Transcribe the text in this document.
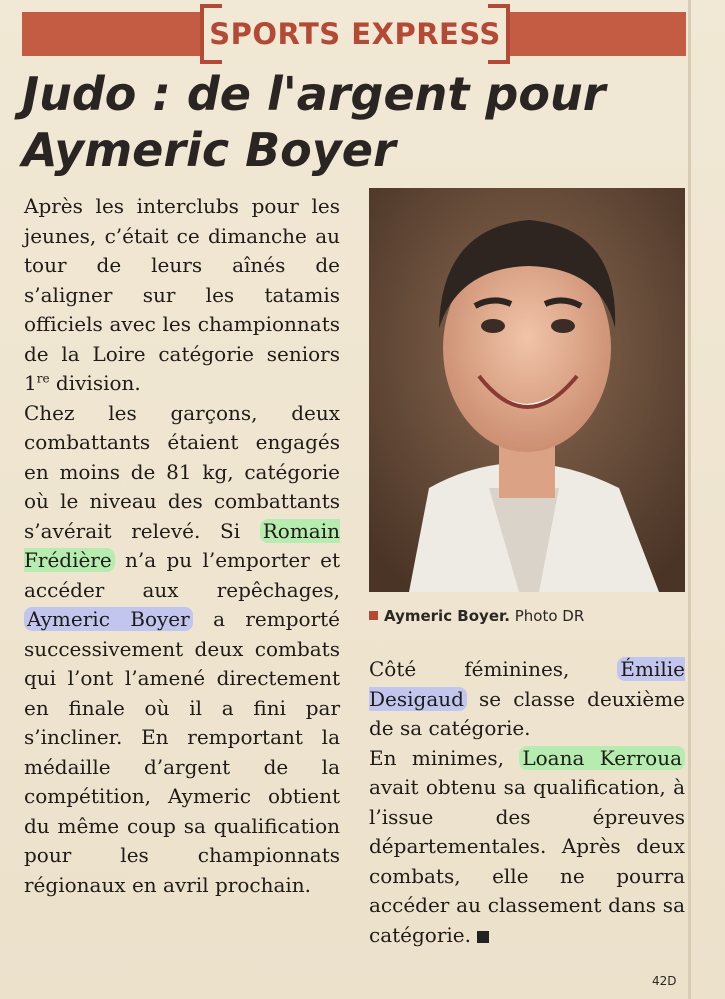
SPORTS EXPRESS
Judo : de l'argent pour Aymeric Boyer

Après les interclubs pour les jeunes, c’était ce dimanche au tour de leurs aînés de s’aligner sur les tatamis officiels avec les championnats de la Loire catégorie seniors 1re division.

Chez les garçons, deux combattants étaient engagés en moins de 81 kg, catégorie où le niveau des combattants s’avérait relevé. Si Romain Frédière n’a pu l’emporter et accéder aux repêchages, Aymeric Boyer a remporté successivement deux combats qui l’ont l’amené directement en finale où il a fini par s’incliner. En remportant la médaille d’argent de la compétition, Aymeric obtient du même coup sa qualification pour les championnats régionaux en avril prochain.

Aymeric Boyer. Photo DR

Côté féminines, Émilie Desigaud se classe deuxième de sa catégorie.

En minimes, Loana Kerroua avait obtenu sa qualification, à l’issue des épreuves départementales. Après deux combats, elle ne pourra accéder au classement dans sa catégorie.

42D
